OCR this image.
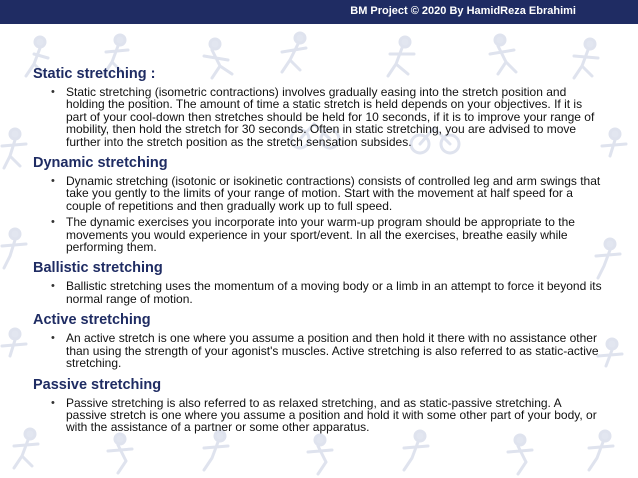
BM Project © 2020 By HamidReza Ebrahimi

Static stretching :

• Static stretching (isometric contractions) involves gradually easing into the stretch position and holding the position. The amount of time a static stretch is held depends on your objectives. If it is part of your cool-down then stretches should be held for 10 seconds, if it is to improve your range of mobility, then hold the stretch for 30 seconds. Often in static stretching, you are advised to move further into the stretch position as the stretch sensation subsides.

Dynamic stretching

• Dynamic stretching (isotonic or isokinetic contractions) consists of controlled leg and arm swings that take you gently to the limits of your range of motion. Start with the movement at half speed for a couple of repetitions and then gradually work up to full speed.
• The dynamic exercises you incorporate into your warm-up program should be appropriate to the movements you would experience in your sport/event. In all the exercises, breathe easily while performing them.

Ballistic stretching

• Ballistic stretching uses the momentum of a moving body or a limb in an attempt to force it beyond its normal range of motion.

Active stretching

• An active stretch is one where you assume a position and then hold it there with no assistance other than using the strength of your agonist's muscles. Active stretching is also referred to as static-active stretching.

Passive stretching

• Passive stretching is also referred to as relaxed stretching, and as static-passive stretching. A passive stretch is one where you assume a position and hold it with some other part of your body, or with the assistance of a partner or some other apparatus.
